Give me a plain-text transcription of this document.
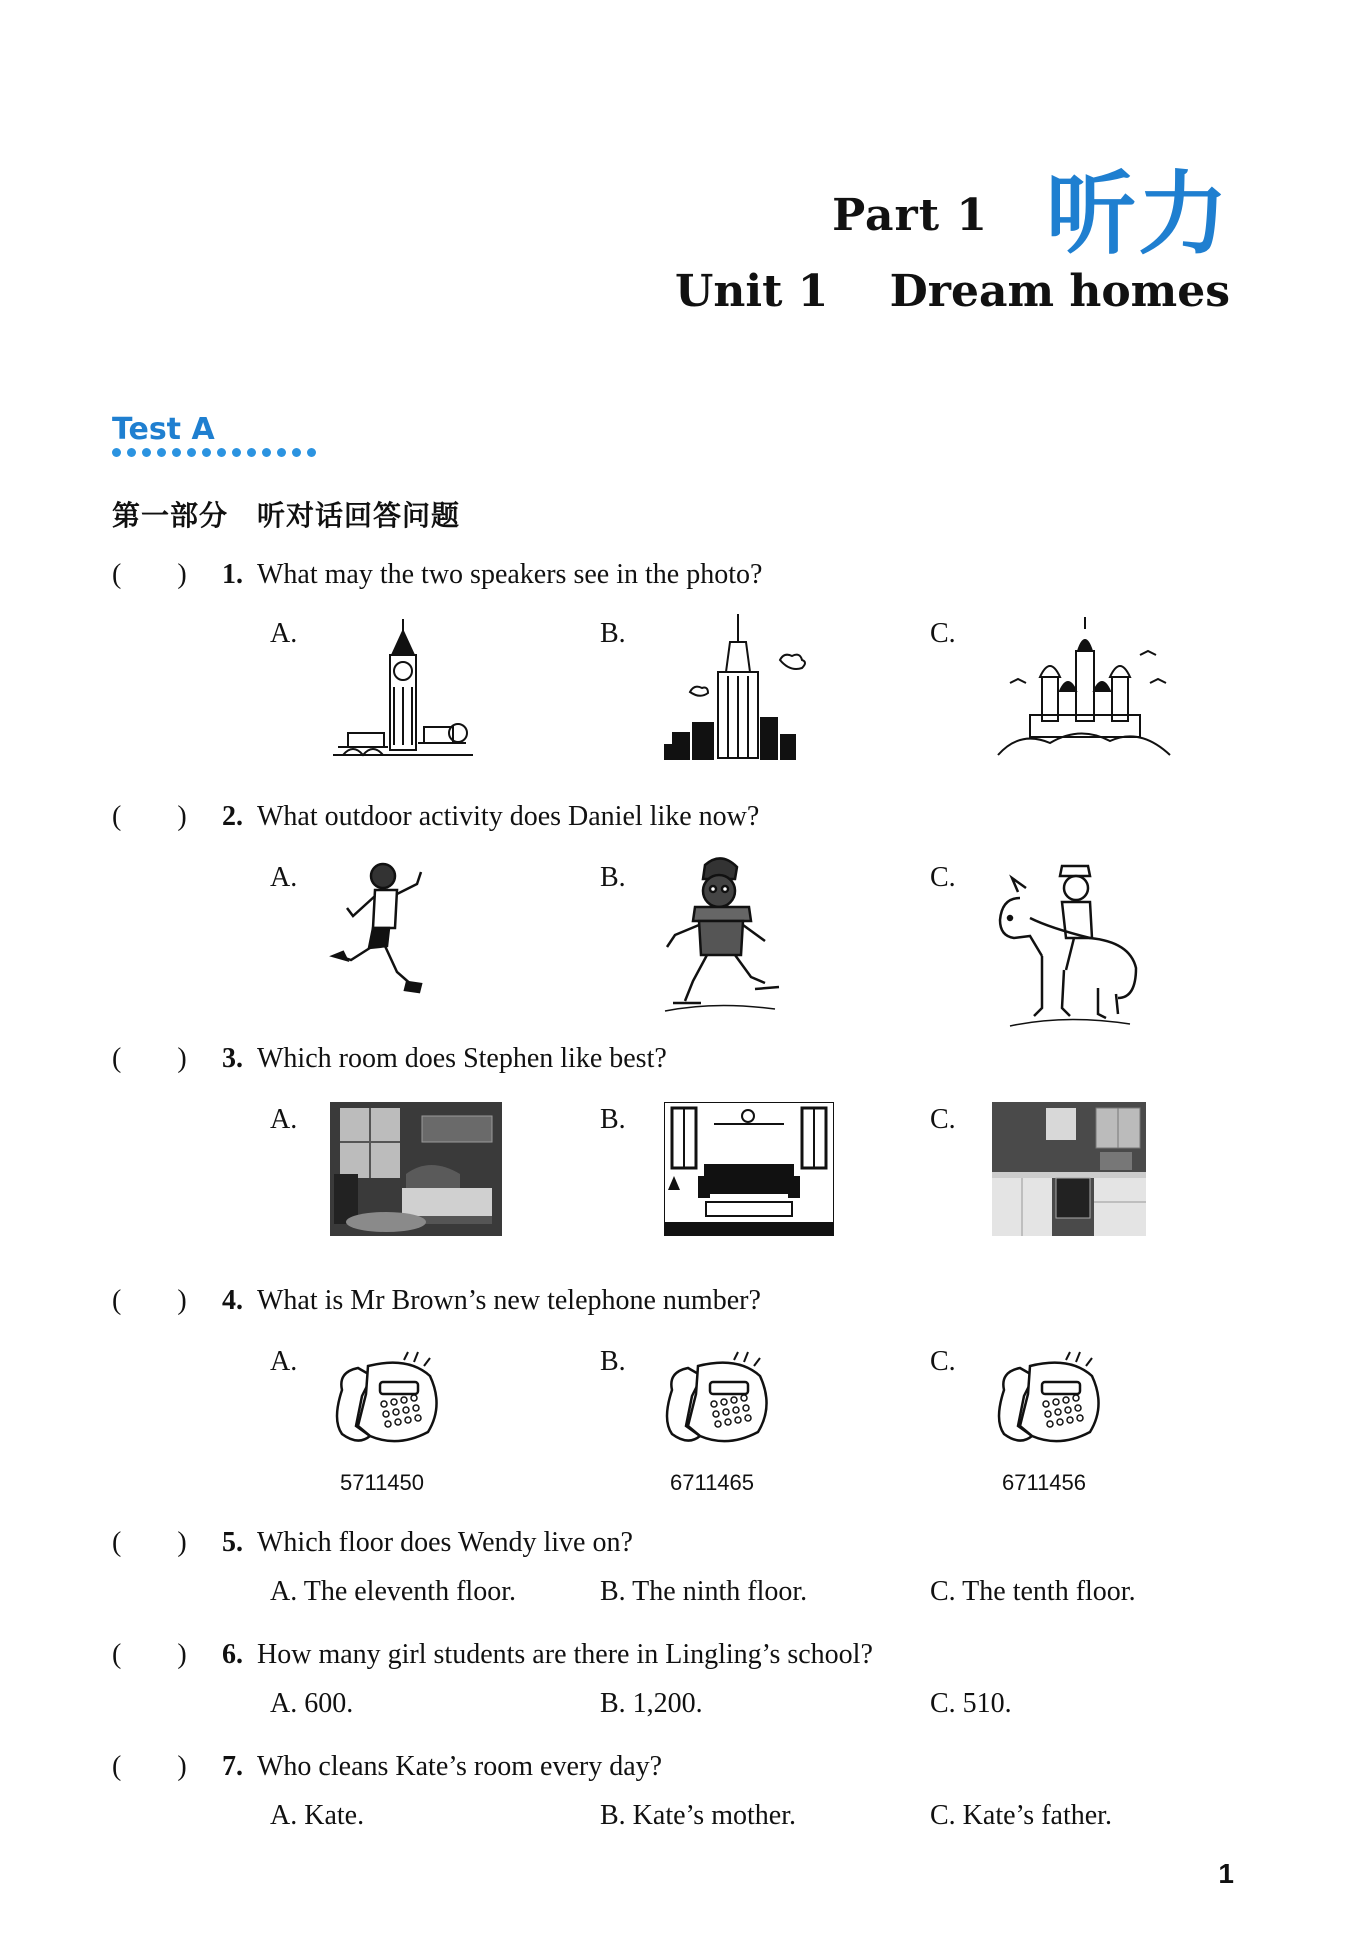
Part 1 听力
Unit 1    Dream homes
Test A
第一部分　听对话回答问题
(　　) 1. What may the two speakers see in the photo?
A.	B.	C.
(　　) 2. What outdoor activity does Daniel like now?
A.	B.	C.
(　　) 3. Which room does Stephen like best?
A.	B.	C.
(　　) 4. What is Mr Brown’s new telephone number?
A.	B.	C.
5711450	6711465	6711456
(　　) 5. Which floor does Wendy live on?
A. The eleventh floor.	B. The ninth floor.	C. The tenth floor.
(　　) 6. How many girl students are there in Lingling’s school?
A. 600.	B. 1,200.	C. 510.
(　　) 7. Who cleans Kate’s room every day?
A. Kate.	B. Kate’s mother.	C. Kate’s father.
1
